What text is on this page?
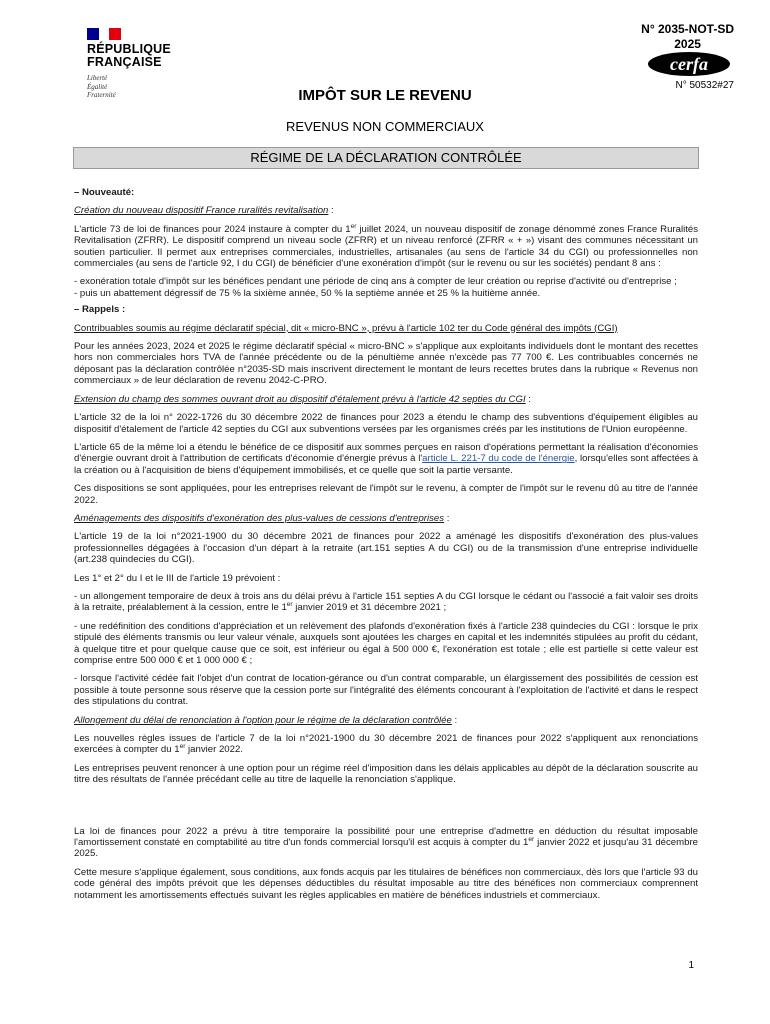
RÉPUBLIQUE
FRANÇAISE
Liberté
Égalité
Fraternité
N° 2035-NOT-SD
2025
cerfa
N° 50532#27
IMPÔT SUR LE REVENU
REVENUS NON COMMERCIAUX
RÉGIME DE LA DÉCLARATION CONTRÔLÉE

– Nouveauté:

Création du nouveau dispositif France ruralités revitalisation :

L'article 73 de loi de finances pour 2024 instaure à compter du 1er juillet 2024, un nouveau dispositif de zonage dénommé zones France Ruralités Revitalisation (ZFRR). Le dispositif comprend un niveau socle (ZFRR) et un niveau renforcé (ZFRR « + ») visant des communes nécessitant un soutien particulier. Il permet aux entreprises commerciales, industrielles, artisanales (au sens de l'article 34 du CGI) ou professionnelles non commerciales (au sens de l'article 92, I du CGI) de bénéficier d'une exonération d'impôt (sur le revenu ou sur les sociétés) pendant 8 ans :

- exonération totale d'impôt sur les bénéfices pendant une période de cinq ans à compter de leur création ou reprise d'activité ou d'entreprise ;
- puis un abattement dégressif de 75 % la sixième année, 50 % la septième année et 25 % la huitième année.

– Rappels :

Contribuables soumis au régime déclaratif spécial, dit « micro-BNC », prévu à l'article 102 ter du Code général des impôts (CGI)

Pour les années 2023, 2024 et 2025 le régime déclaratif spécial « micro-BNC » s'applique aux exploitants individuels dont le montant des recettes hors non commerciales hors TVA de l'année précédente ou de la pénultième année n'excède pas 77 700 €. Les contribuables concernés ne déposant pas la déclaration contrôlée n°2035-SD mais inscrivent directement le montant de leurs recettes brutes dans la rubrique « Revenus non commerciaux » de leur déclaration de revenu 2042-C-PRO.

Extension du champ des sommes ouvrant droit au dispositif d'étalement prévu à l'article 42 septies du CGI :

L'article 32 de la loi n° 2022-1726 du 30 décembre 2022 de finances pour 2023 a étendu le champ des subventions d'équipement éligibles au dispositif d'étalement de l'article 42 septies du CGI aux subventions versées par les organismes créés par les institutions de l'Union européenne.

L'article 65 de la même loi a étendu le bénéfice de ce dispositif aux sommes perçues en raison d'opérations permettant la réalisation d'économies d'énergie ouvrant droit à l'attribution de certificats d'économie d'énergie prévus à l'article L. 221-7 du code de l'énergie, lorsqu'elles sont affectées à la création ou à l'acquisition de biens d'équipement immobilisés, et ce quelle que soit la partie versante.

Ces dispositions se sont appliquées, pour les entreprises relevant de l'impôt sur le revenu, à compter de l'impôt sur le revenu dû au titre de l'année 2022.

Aménagements des dispositifs d'exonération des plus-values de cessions d'entreprises :

L'article 19 de la loi n°2021-1900 du 30 décembre 2021 de finances pour 2022 a aménagé les dispositifs d'exonération des plus-values professionnelles dégagées à l'occasion d'un départ à la retraite (art.151 septies A du CGI) ou de la transmission d'une entreprise individuelle (art.238 quindecies du CGI).

Les 1° et 2° du I et le III de l'article 19 prévoient :

- un allongement temporaire de deux à trois ans du délai prévu à l'article 151 septies A du CGI lorsque le cédant ou l'associé a fait valoir ses droits à la retraite, préalablement à la cession, entre le 1er janvier 2019 et 31 décembre 2021 ;

- une redéfinition des conditions d'appréciation et un relèvement des plafonds d'exonération fixés à l'article 238 quindecies du CGI : lorsque le prix stipulé des éléments transmis ou leur valeur vénale, auxquels sont ajoutées les charges en capital et les indemnités stipulées au profit du cédant, à quelque titre et pour quelque cause que ce soit, est inférieur ou égal à 500 000 €, l'exonération est totale ; elle est partielle si cette valeur est comprise entre 500 000 € et 1 000 000 € ;

- lorsque l'activité cédée fait l'objet d'un contrat de location-gérance ou d'un contrat comparable, un élargissement des possibilités de cession est possible à toute personne sous réserve que la cession porte sur l'intégralité des éléments concourant à l'exploitation de l'activité et dans le respect des stipulations du contrat.

Allongement du délai de renonciation à l'option pour le régime de la déclaration contrôlée :

Les nouvelles règles issues de l'article 7 de la loi n°2021-1900 du 30 décembre 2021 de finances pour 2022 s'appliquent aux renonciations exercées à compter du 1er janvier 2022.

Les entreprises peuvent renoncer à une option pour un régime réel d'imposition dans les délais applicables au dépôt de la déclaration souscrite au titre des résultats de l'année précédant celle au titre de laquelle la renonciation s'applique.

La loi de finances pour 2022 a prévu à titre temporaire la possibilité pour une entreprise d'admettre en déduction du résultat imposable l'amortissement constaté en comptabilité au titre d'un fonds commercial lorsqu'il est acquis à compter du 1er janvier 2022 et jusqu'au 31 décembre 2025.

Cette mesure s'applique également, sous conditions, aux fonds acquis par les titulaires de bénéfices non commerciaux, dès lors que l'article 93 du code général des impôts prévoit que les dépenses déductibles du résultat imposable au titre des bénéfices non commerciaux comprennent notamment les amortissements effectués suivant les règles applicables en matière de bénéfices industriels et commerciaux.

1
